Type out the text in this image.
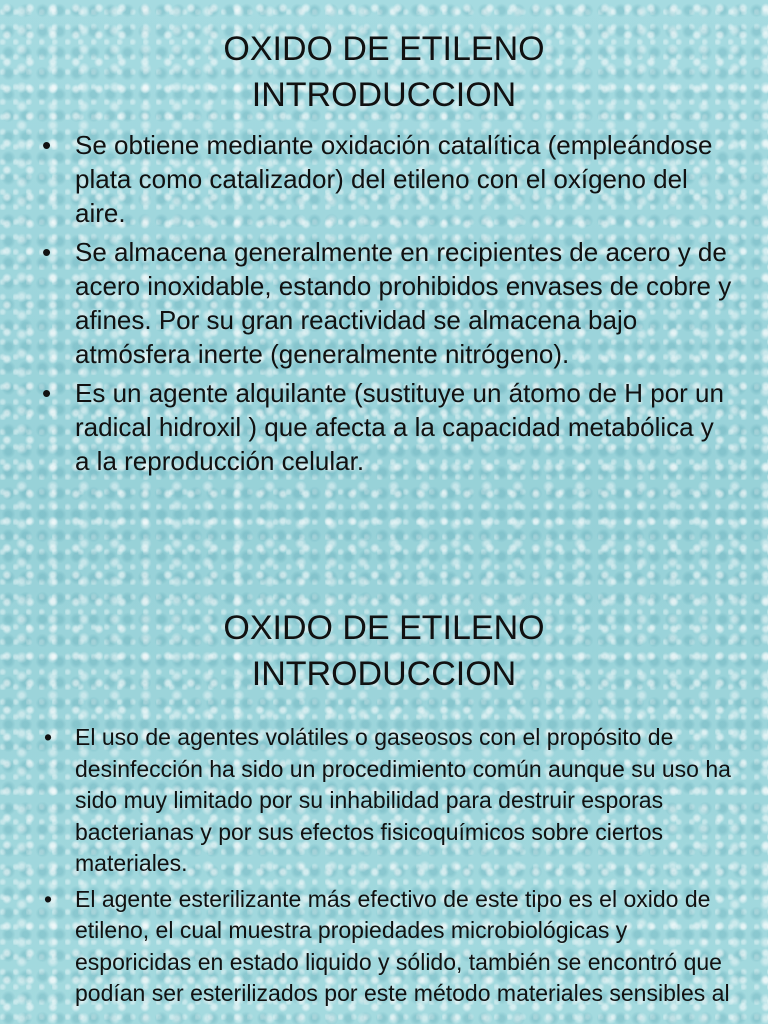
OXIDO DE ETILENO
INTRODUCCION
• Se obtiene mediante oxidación catalítica (empleándose plata como catalizador) del etileno con el oxígeno del aire.
• Se almacena generalmente en recipientes de acero y de acero inoxidable, estando prohibidos envases de cobre y afines. Por su gran reactividad se almacena bajo atmósfera inerte (generalmente nitrógeno).
• Es un agente alquilante (sustituye un átomo de H por un radical hidroxil ) que afecta a la capacidad metabólica y a la reproducción celular.
OXIDO DE ETILENO
INTRODUCCION
• El uso de agentes volátiles o gaseosos con el propósito de desinfección ha sido un procedimiento común aunque su uso ha sido muy limitado por su inhabilidad para destruir esporas bacterianas y por sus efectos fisicoquímicos sobre ciertos materiales.
• El agente esterilizante más efectivo de este tipo es el oxido de etileno, el cual muestra propiedades microbiológicas y esporicidas en estado liquido y sólido, también se encontró que podían ser esterilizados por este método materiales sensibles al
